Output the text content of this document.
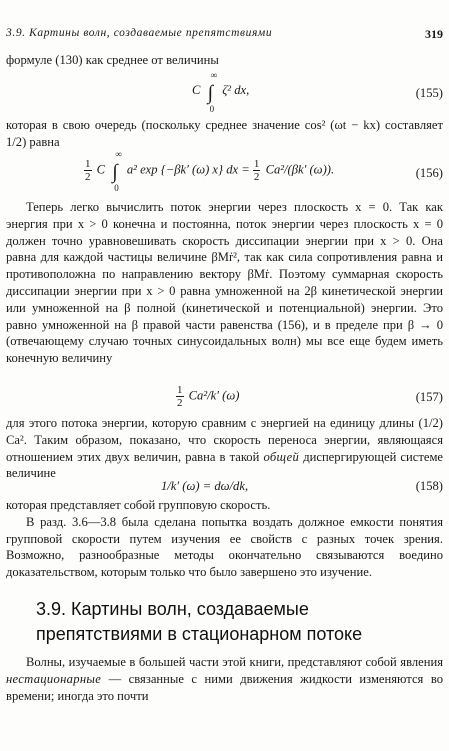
3.9. Картины волн, создаваемые препятствиями	319

формуле (130) как среднее от величины

C ∫
∞
0
ζ² dx,	(155)

которая в свою очередь (поскольку среднее значение cos² (ωt − kx) составляет 1/2) равна

$\frac{1}{2}$ C ∫
∞
0
a² exp {−βk′ (ω) x} dx = $\frac{1}{2} Ca^2/(\beta k'$ (ω)).	(156)

Теперь легко вычислить поток энергии через плоскость x = 0. Так как энергия при x > 0 конечна и постоянна, поток энергии через плоскость x = 0 должен точно уравновешивать скорость диссипации энергии при x > 0. Она равна для каждой частицы величине βMṙ², так как сила сопротивления равна и противоположна по направлению вектору βMṙ. Поэтому суммарная скорость диссипации энергии при x > 0 равна умноженной на 2β кинетической энергии или умноженной на β полной (кинетической и потенциальной) энергии. Это равно умноженной на β правой части равенства (156), и в пределе при β → 0 (отвечающему случаю точных синусоидальных волн) мы все еще будем иметь конечную величину

$\frac{1}{2} Ca^2/k'$ (ω)	(157)

для этого потока энергии, которую сравним с энергией на единицу длины (1/2) Ca². Таким образом, показано, что скорость переноса энергии, являющаяся отношением этих двух величин, равна в такой общей диспергирующей системе величине

1/k′ (ω) = dω/dk,	(158)

которая представляет собой групповую скорость.

В разд. 3.6—3.8 была сделана попытка воздать должное емкости понятия групповой скорости путем изучения ее свойств с разных точек зрения. Возможно, разнообразные методы окончательно связываются воедино доказательством, которым только что было завершено это изучение.

3.9. Картины волн, создаваемые
препятствиями в стационарном потоке

Волны, изучаемые в большей части этой книги, представляют собой явления нестационарные — связанные с ними движения жидкости изменяются во времени; иногда это почти
